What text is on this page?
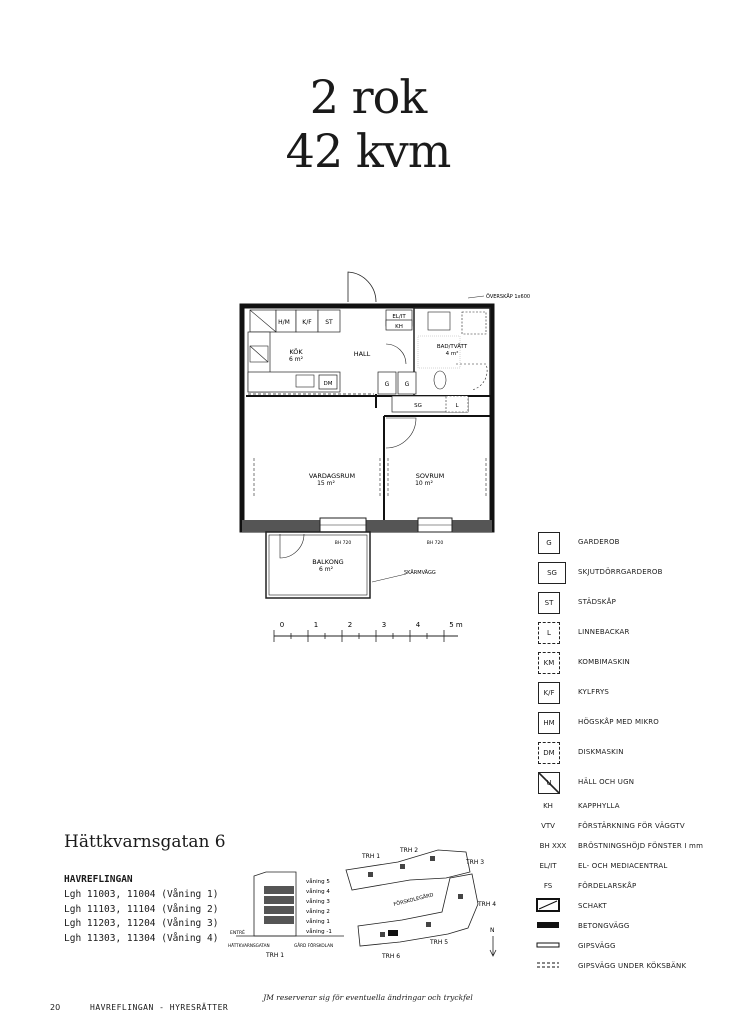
2 rok
42 kvm
H/M K/F ST
EL/IT
KH
DM
BAD/TVÄTT
4 m²
G	G
SG	L
KÖK
6 m²
HALL
VARDAGSRUM
15 m²
SOVRUM
10 m²
BALKONG
6 m²
ÖVERSKÅP 1x600
SKÄRMVÄGG
BH 720	BH 720
0	1	2	3	4	5 m
G	GARDEROB
SG	SKJUTDÖRRGARDEROB
ST	STÄDSKÅP
L	LINNEBACKAR
KM	KOMBIMASKIN
K/F	KYLFRYS
HM	HÖGSKÅP MED MIKRO
DM	DISKMASKIN
U	HÄLL OCH UGN
KH	KAPPHYLLA
VTV	FÖRSTÄRKNING FÖR VÄGGTV
BH XXX BRÖSTNINGSHÖJD FÖNSTER I mm
EL/IT	EL- OCH MEDIACENTRAL
FS	FÖRDELARSKÅP
SCHAKT
BETONGVÄGG
GIPSVÄGG
GIPSVÄGG UNDER KÖKSBÄNK
Hättkvarnsgatan 6
HAVREFLINGAN
Lgh 11003, 11004 (Våning 1)
Lgh 11103, 11104 (Våning 2)
Lgh 11203, 11204 (Våning 3)
Lgh 11303, 11304 (Våning 4)
våning 5
våning 4
våning 3
våning 2
våning 1
våning -1
ENTRÉ
HÄTTKVARNSGATAN	GÅRD FÖRSKOLAN
TRH 1
TRH 1
TRH 2
TRH 3
TRH 4
TRH 5
TRH 6
FÖRSKOLEGÅRD
N
JM reserverar sig för eventuella ändringar och tryckfel
20	HAVREFLINGAN - HYRESRÄTTER
